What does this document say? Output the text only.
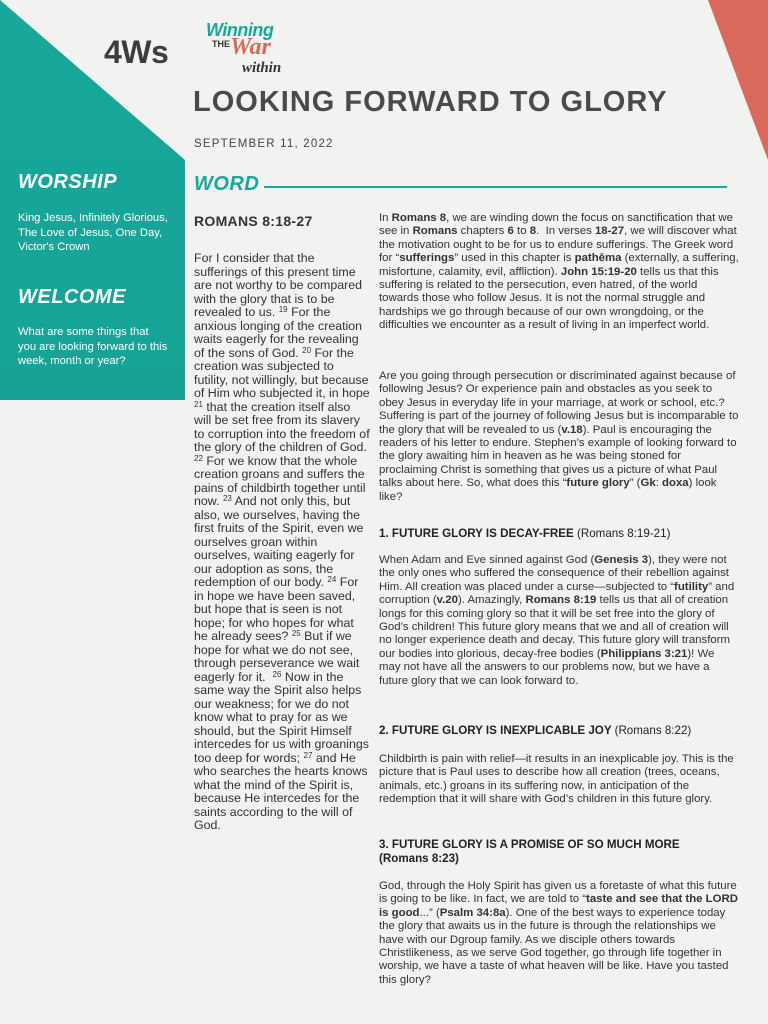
4Ws
Winning
THE War
within
LOOKING FORWARD TO GLORY
SEPTEMBER 11, 2022
WORSHIP
King Jesus, Infinitely Glorious, The Love of Jesus, One Day, Victor's Crown
WELCOME
What are some things that you are looking forward to this week, month or year?
WORD
ROMANS 8:18-27
For I consider that the sufferings of this present time are not worthy to be compared with the glory that is to be revealed to us. $^{19}$ For the anxious longing of the creation waits eagerly for the revealing of the sons of God. $^{20}$ For the creation was subjected to futility, not willingly, but because of Him who subjected it, in hope $^{21}$ that the creation itself also will be set free from its slavery to corruption into the freedom of the glory of the children of God. $^{22}$ For we know that the whole creation groans and suffers the pains of childbirth together until now. $^{23}$ And not only this, but also, we ourselves, having the first fruits of the Spirit, even we ourselves groan within ourselves, waiting eagerly for our adoption as sons, the redemption of our body. $^{24}$ For in hope we have been saved, but hope that is seen is not hope; for who hopes for what he already sees? $^{25}$ But if we hope for what we do not see, through perseverance we wait eagerly for it.  $^{26}$ Now in the same way the Spirit also helps our weakness; for we do not know what to pray for as we should, but the Spirit Himself intercedes for us with groanings too deep for words; $^{27}$ and He who searches the hearts knows what the mind of the Spirit is, because He intercedes for the saints according to the will of God.
In Romans 8, we are winding down the focus on sanctification that we see in Romans chapters 6 to 8.  In verses 18-27, we will discover what the motivation ought to be for us to endure sufferings. The Greek word for “sufferings” used in this chapter is pathēma (externally, a suffering, misfortune, calamity, evil, affliction). John 15:19-20 tells us that this suffering is related to the persecution, even hatred, of the world towards those who follow Jesus. It is not the normal struggle and hardships we go through because of our own wrongdoing, or the difficulties we encounter as a result of living in an imperfect world.
Are you going through persecution or discriminated against because of following Jesus? Or experience pain and obstacles as you seek to obey Jesus in everyday life in your marriage, at work or school, etc.? Suffering is part of the journey of following Jesus but is incomparable to the glory that will be revealed to us (v.18). Paul is encouraging the readers of his letter to endure. Stephen’s example of looking forward to the glory awaiting him in heaven as he was being stoned for proclaiming Christ is something that gives us a picture of what Paul talks about here. So, what does this “future glory” (Gk: doxa) look like?
1. FUTURE GLORY IS DECAY-FREE (Romans 8:19-21)
When Adam and Eve sinned against God (Genesis 3), they were not the only ones who suffered the consequence of their rebellion against Him. All creation was placed under a curse—subjected to “futility” and corruption (v.20). Amazingly, Romans 8:19 tells us that all of creation longs for this coming glory so that it will be set free into the glory of God’s children! This future glory means that we and all of creation will no longer experience death and decay. This future glory will transform our bodies into glorious, decay-free bodies (Philippians 3:21)! We may not have all the answers to our problems now, but we have a future glory that we can look forward to.
2. FUTURE GLORY IS INEXPLICABLE JOY (Romans 8:22)
Childbirth is pain with relief—it results in an inexplicable joy. This is the picture that is Paul uses to describe how all creation (trees, oceans, animals, etc.) groans in its suffering now, in anticipation of the redemption that it will share with God’s children in this future glory.
3. FUTURE GLORY IS A PROMISE OF SO MUCH MORE
(Romans 8:23)
God, through the Holy Spirit has given us a foretaste of what this future is going to be like. In fact, we are told to “taste and see that the LORD is good...” (Psalm 34:8a). One of the best ways to experience today the glory that awaits us in the future is through the relationships we have with our Dgroup family. As we disciple others towards Christlikeness, as we serve God together, go through life together in worship, we have a taste of what heaven will be like. Have you tasted this glory?
